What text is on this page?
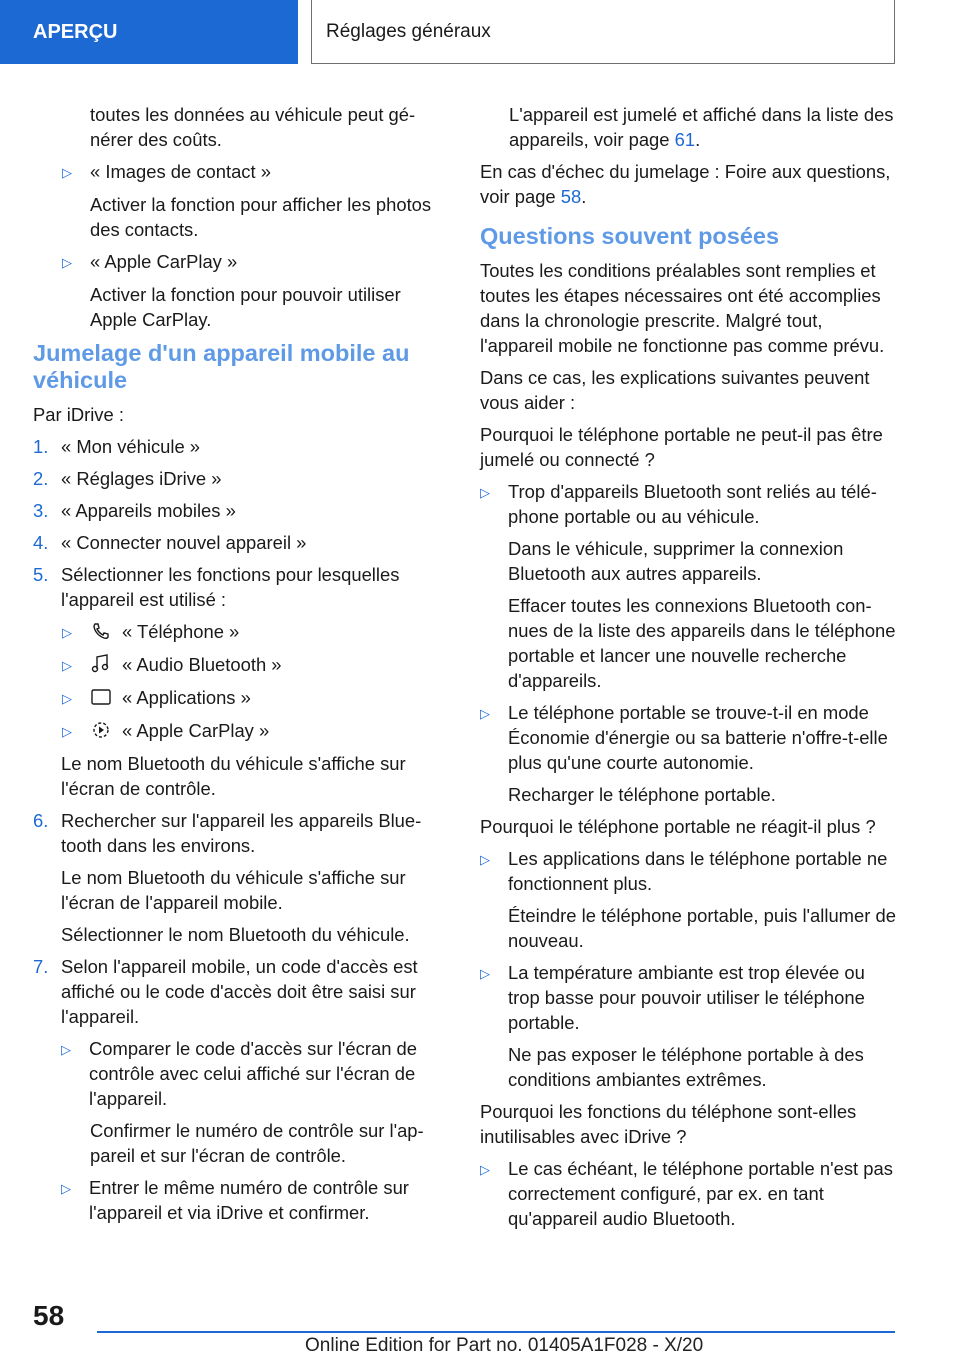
APERÇU	Réglages généraux

toutes les données au véhicule peut générer des coûts.

▷ « Images de contact »

Activer la fonction pour afficher les photos des contacts.

▷ « Apple CarPlay »

Activer la fonction pour pouvoir utiliser Apple CarPlay.

Jumelage d'un appareil mobile au véhicule

Par iDrive :

1. « Mon véhicule »
2. « Réglages iDrive »
3. « Appareils mobiles »
4. « Connecter nouvel appareil »
5. Sélectionner les fonctions pour lesquelles l'appareil est utilisé :
▷	« Téléphone »
▷	« Audio Bluetooth »
▷	« Applications »
▷	« Apple CarPlay »

Le nom Bluetooth du véhicule s'affiche sur l'écran de contrôle.

6. Rechercher sur l'appareil les appareils Bluetooth dans les environs.

Le nom Bluetooth du véhicule s'affiche sur l'écran de l'appareil mobile.

Sélectionner le nom Bluetooth du véhicule.

7. Selon l'appareil mobile, un code d'accès est affiché ou le code d'accès doit être saisi sur l'appareil.
▷ Comparer le code d'accès sur l'écran de contrôle avec celui affiché sur l'écran de l'appareil.

Confirmer le numéro de contrôle sur l'appareil et sur l'écran de contrôle.

▷ Entrer le même numéro de contrôle sur l'appareil et via iDrive et confirmer.

L'appareil est jumelé et affiché dans la liste des appareils, voir page 61.

En cas d'échec du jumelage : Foire aux questions, voir page 58.

Questions souvent posées

Toutes les conditions préalables sont remplies et toutes les étapes nécessaires ont été accomplies dans la chronologie prescrite. Malgré tout, l'appareil mobile ne fonctionne pas comme prévu.

Dans ce cas, les explications suivantes peuvent vous aider :

Pourquoi le téléphone portable ne peut-il pas être jumelé ou connecté ?

▷ Trop d'appareils Bluetooth sont reliés au téléphone portable ou au véhicule.

Dans le véhicule, supprimer la connexion Bluetooth aux autres appareils.

Effacer toutes les connexions Bluetooth connues de la liste des appareils dans le téléphone portable et lancer une nouvelle recherche d'appareils.

▷ Le téléphone portable se trouve-t-il en mode Économie d'énergie ou sa batterie n'offre-t-elle plus qu'une courte autonomie.

Recharger le téléphone portable.

Pourquoi le téléphone portable ne réagit-il plus ?

▷ Les applications dans le téléphone portable ne fonctionnent plus.

Éteindre le téléphone portable, puis l'allumer de nouveau.

▷ La température ambiante est trop élevée ou trop basse pour pouvoir utiliser le téléphone portable.

Ne pas exposer le téléphone portable à des conditions ambiantes extrêmes.

Pourquoi les fonctions du téléphone sont-elles inutilisables avec iDrive ?

▷ Le cas échéant, le téléphone portable n'est pas correctement configuré, par ex. en tant qu'appareil audio Bluetooth.
58
Online Edition for Part no. 01405A1F028 - X/20
